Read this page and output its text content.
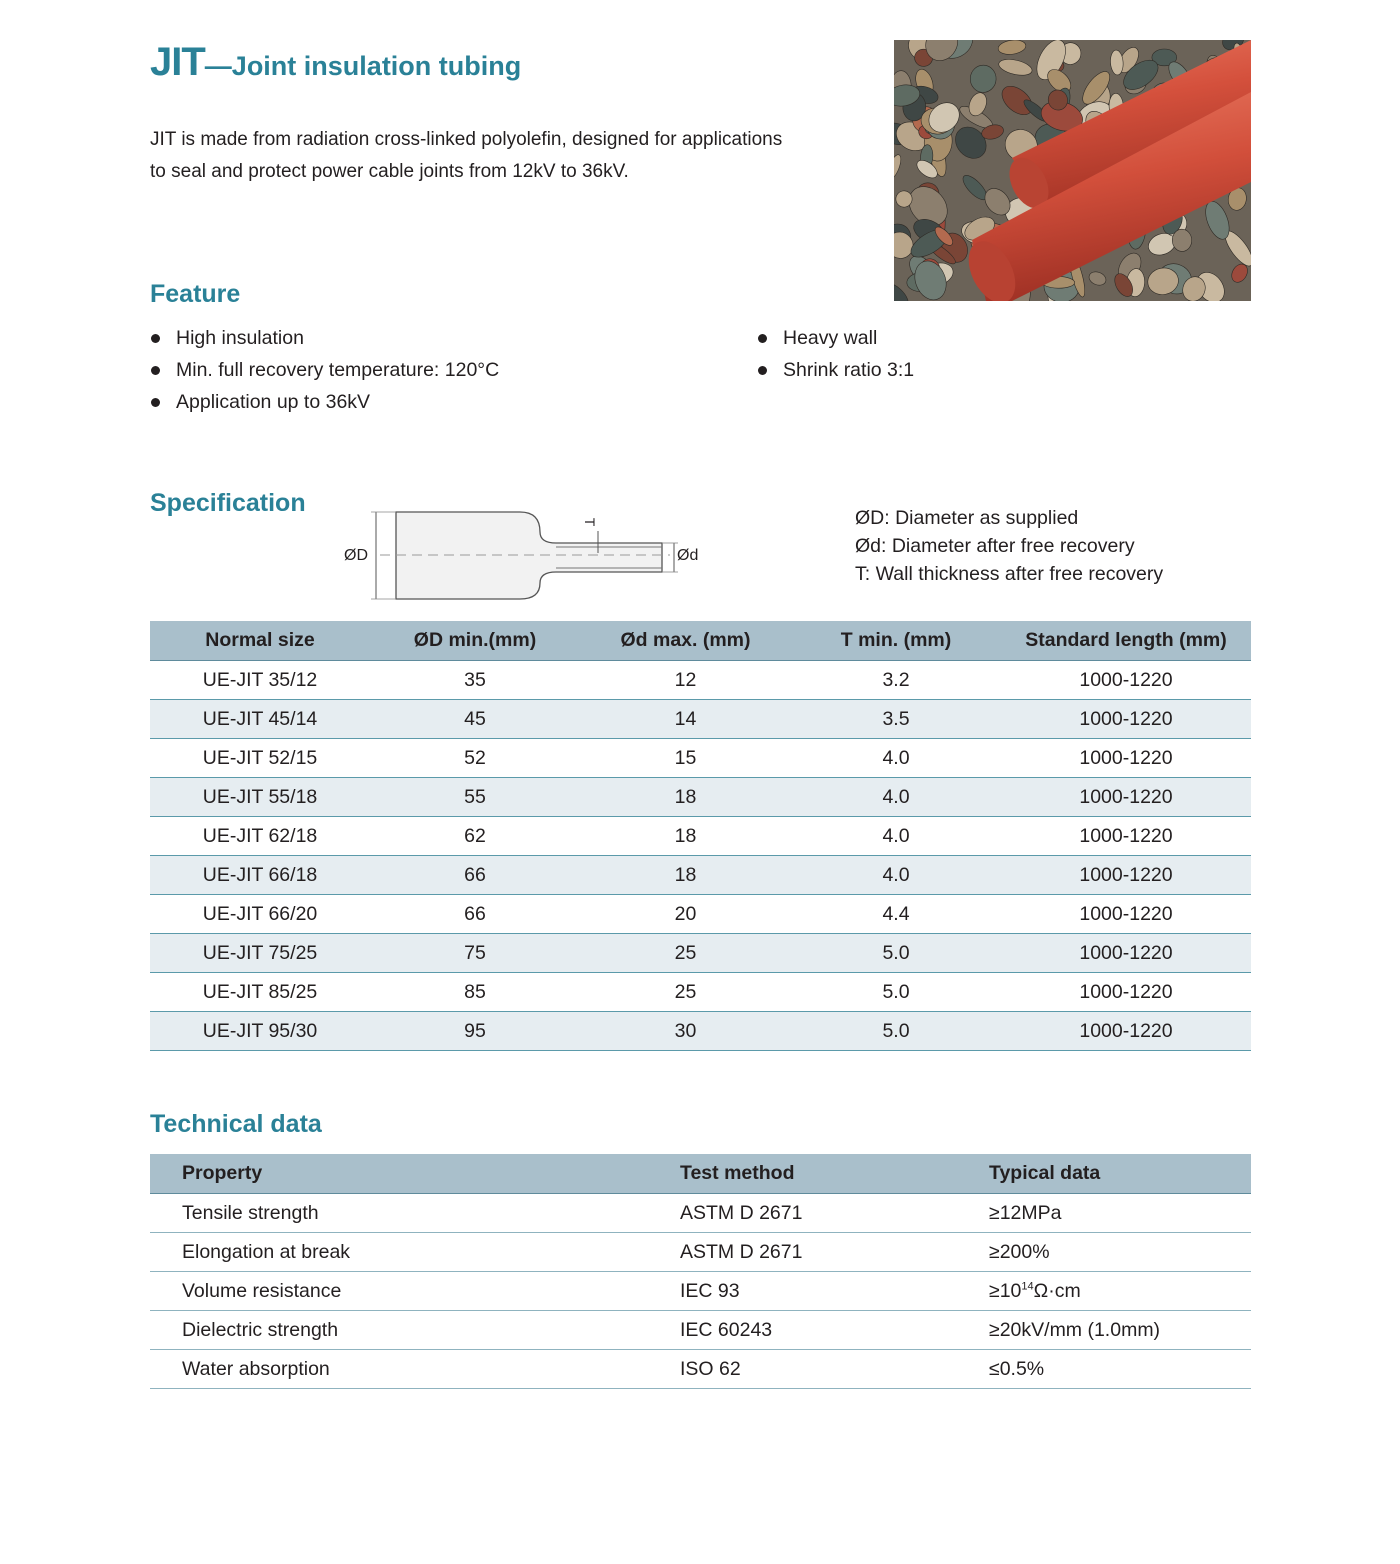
JIT—Joint insulation tubing
JIT is made from radiation cross-linked polyolefin, designed for applications
to seal and protect power cable joints from 12kV to 36kV.
Feature
High insulation
Min. full recovery temperature: 120°C
Application up to 36kV
Heavy wall
Shrink ratio 3:1
Specification
ØD	Ød
T	ØD: Diameter as supplied
Ød: Diameter after free recovery
T: Wall thickness after free recovery
Normal size	ØD min.(mm)	Ød max. (mm)	T min. (mm)	Standard length (mm)
UE-JIT 35/12	35	12	3.2	1000-1220
UE-JIT 45/14	45	14	3.5	1000-1220
UE-JIT 52/15	52	15	4.0	1000-1220
UE-JIT 55/18	55	18	4.0	1000-1220
UE-JIT 62/18	62	18	4.0	1000-1220
UE-JIT 66/18	66	18	4.0	1000-1220
UE-JIT 66/20	66	20	4.4	1000-1220
UE-JIT 75/25	75	25	5.0	1000-1220
UE-JIT 85/25	85	25	5.0	1000-1220
UE-JIT 95/30	95	30	5.0	1000-1220
Technical data
Property	Test method	Typical data
Tensile strength	ASTM D 2671	≥12MPa
Elongation at break	ASTM D 2671	≥200%
Volume resistance	IEC 93	$\ge 10^{14}\Omega\cdot cm$
Dielectric strength	IEC 60243	≥20kV/mm (1.0mm)
Water absorption	ISO 62	≤0.5%
